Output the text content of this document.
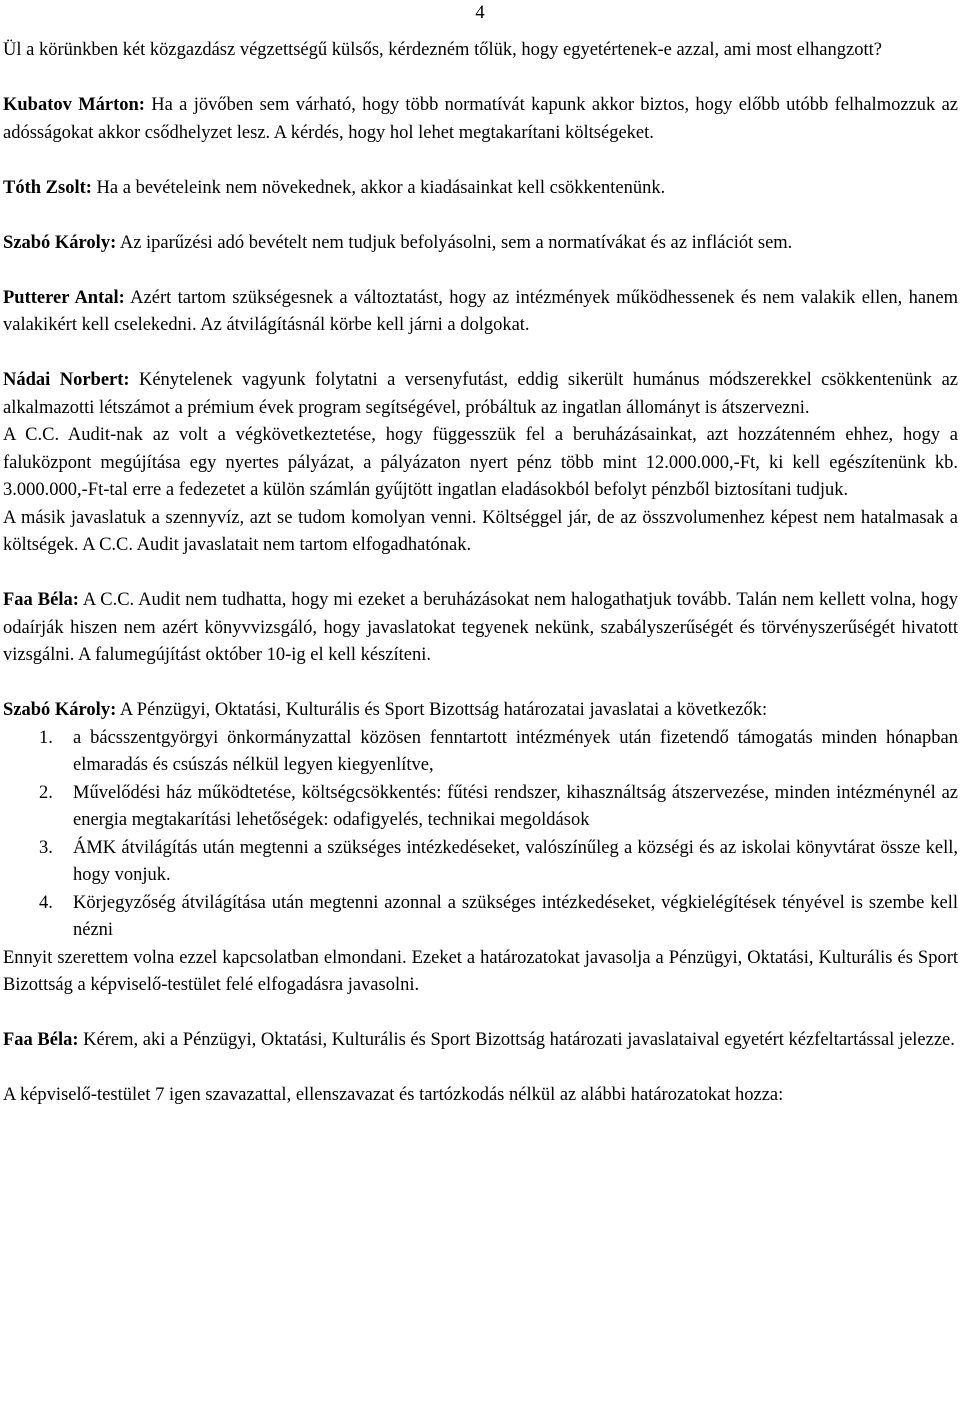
4

Ül a körünkben két közgazdász végzettségű külsős, kérdezném tőlük, hogy egyetértenek-e azzal, ami most elhangzott?

Kubatov Márton: Ha a jövőben sem várható, hogy több normatívát kapunk akkor biztos, hogy előbb utóbb felhalmozzuk az adósságokat akkor csődhelyzet lesz. A kérdés, hogy hol lehet megtakarítani költségeket.

Tóth Zsolt: Ha a bevételeink nem növekednek, akkor a kiadásainkat kell csökkentenünk.

Szabó Károly: Az iparűzési adó bevételt nem tudjuk befolyásolni, sem a normatívákat és az inflációt sem.

Putterer Antal: Azért tartom szükségesnek a változtatást, hogy az intézmények működhessenek és nem valakik ellen, hanem valakikért kell cselekedni. Az átvilágításnál körbe kell járni a dolgokat.

Nádai Norbert: Kénytelenek vagyunk folytatni a versenyfutást, eddig sikerült humánus módszerekkel csökkentenünk az alkalmazotti létszámot a prémium évek program segítségével, próbáltuk az ingatlan állományt is átszervezni.

A C.C. Audit-nak az volt a végkövetkeztetése, hogy függesszük fel a beruházásainkat, azt hozzátenném ehhez, hogy a faluközpont megújítása egy nyertes pályázat, a pályázaton nyert pénz több mint 12.000.000,-Ft, ki kell egészítenünk kb. 3.000.000,-Ft-tal erre a fedezetet a külön számlán gyűjtött ingatlan eladásokból befolyt pénzből biztosítani tudjuk.

A másik javaslatuk a szennyvíz, azt se tudom komolyan venni. Költséggel jár, de az összvolumenhez képest nem hatalmasak a költségek. A C.C. Audit javaslatait nem tartom elfogadhatónak.

Faa Béla: A C.C. Audit nem tudhatta, hogy mi ezeket a beruházásokat nem halogathatjuk tovább. Talán nem kellett volna, hogy odaírják hiszen nem azért könyvvizsgáló, hogy javaslatokat tegyenek nekünk, szabályszerűségét és törvényszerűségét hivatott vizsgálni. A falumegújítást október 10-ig el kell készíteni.

Szabó Károly: A Pénzügyi, Oktatási, Kulturális és Sport Bizottság határozatai javaslatai a következők:

1. a bácsszentgyörgyi önkormányzattal közösen fenntartott intézmények után fizetendő támogatás minden hónapban elmaradás és csúszás nélkül legyen kiegyenlítve,
2. Művelődési ház működtetése, költségcsökkentés: fűtési rendszer, kihasználtság átszervezése, minden intézménynél az energia megtakarítási lehetőségek: odafigyelés, technikai megoldások
3. ÁMK átvilágítás után megtenni a szükséges intézkedéseket, valószínűleg a községi és az iskolai könyvtárat össze kell, hogy vonjuk.
4. Körjegyzőség átvilágítása után megtenni azonnal a szükséges intézkedéseket, végkielégítések tényével is szembe kell nézni

Ennyit szerettem volna ezzel kapcsolatban elmondani. Ezeket a határozatokat javasolja a Pénzügyi, Oktatási, Kulturális és Sport Bizottság a képviselő-testület felé elfogadásra javasolni.

Faa Béla: Kérem, aki a Pénzügyi, Oktatási, Kulturális és Sport Bizottság határozati javaslataival egyetért kézfeltartással jelezze.

A képviselő-testület 7 igen szavazattal, ellenszavazat és tartózkodás nélkül az alábbi határozatokat hozza:
